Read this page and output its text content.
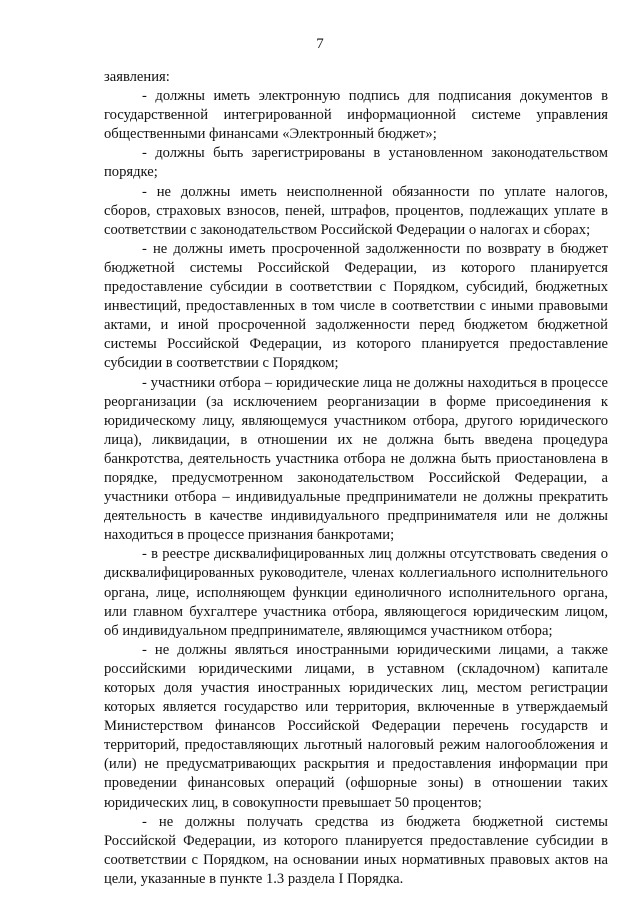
7

заявления:

- должны иметь электронную подпись для подписания документов в государственной интегрированной информационной системе управления общественными финансами «Электронный бюджет»;

- должны быть зарегистрированы в установленном законодательством порядке;

- не должны иметь неисполненной обязанности по уплате налогов, сборов, страховых взносов, пеней, штрафов, процентов, подлежащих уплате в соответствии с законодательством Российской Федерации о налогах и сборах;

- не должны иметь просроченной задолженности по возврату в бюджет бюджетной системы Российской Федерации, из которого планируется предоставление субсидии в соответствии с Порядком, субсидий, бюджетных инвестиций, предоставленных в том числе в соответствии с иными правовыми актами, и иной просроченной задолженности перед бюджетом бюджетной системы Российской Федерации, из которого планируется предоставление субсидии в соответствии с Порядком;

- участники отбора – юридические лица не должны находиться в процессе реорганизации (за исключением реорганизации в форме присоединения к юридическому лицу, являющемуся участником отбора, другого юридического лица), ликвидации, в отношении их не должна быть введена процедура банкротства, деятельность участника отбора не должна быть приостановлена в порядке, предусмотренном законодательством Российской Федерации, а участники отбора – индивидуальные предприниматели не должны прекратить деятельность в качестве индивидуального предпринимателя или не должны находиться в процессе признания банкротами;

- в реестре дисквалифицированных лиц должны отсутствовать сведения о дисквалифицированных руководителе, членах коллегиального исполнительного органа, лице, исполняющем функции единоличного исполнительного органа, или главном бухгалтере участника отбора, являющегося юридическим лицом, об индивидуальном предпринимателе, являющимся участником отбора;

- не должны являться иностранными юридическими лицами, а также российскими юридическими лицами, в уставном (складочном) капитале которых доля участия иностранных юридических лиц, местом регистрации которых является государство или территория, включенные в утверждаемый Министерством финансов Российской Федерации перечень государств и территорий, предоставляющих льготный налоговый режим налогообложения и (или) не предусматривающих раскрытия и предоставления информации при проведении финансовых операций (офшорные зоны) в отношении таких юридических лиц, в совокупности превышает 50 процентов;

- не должны получать средства из бюджета бюджетной системы Российской Федерации, из которого планируется предоставление субсидии в соответствии с Порядком, на основании иных нормативных правовых актов на цели, указанные в пункте 1.3 раздела I Порядка.
